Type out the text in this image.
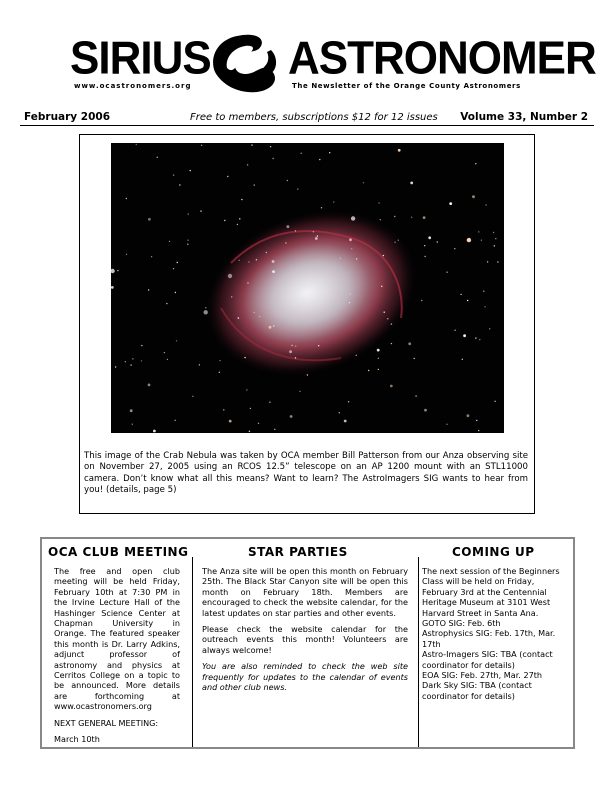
SIRIUS ASTRONOMER
www.ocastronomers.org	The Newsletter of the Orange County Astronomers
February 2006	Free to members, subscriptions $12 for 12 issues Volume 33, Number 2
This image of the Crab Nebula was taken by OCA member Bill Patterson from our Anza observing site on November 27, 2005 using an RCOS 12.5” telescope on an AP 1200 mount with an STL11000 camera. Don’t know what all this means? Want to learn? The AstroImagers SIG wants to hear from you! (details, page 5)
OCA CLUB MEETING

The free and open club meeting will be held Friday, February 10th at 7:30 PM in the Irvine Lecture Hall of the Hashinger Science Center at Chapman University in Orange. The featured speaker this month is Dr. Larry Adkins, adjunct professor of astronomy and physics at Cerritos College on a topic to be announced. More details are forthcoming at www.ocastronomers.org

NEXT GENERAL MEETING:

March 10th

STAR PARTIES

The Anza site will be open this month on February 25th. The Black Star Canyon site will be open this month on February 18th. Members are encouraged to check the website calendar, for the latest updates on star parties and other events.

Please check the website calendar for the outreach events this month! Volunteers are always welcome!

You are also reminded to check the web site frequently for updates to the calendar of events and other club news.

COMING UP
The next session of the Beginners Class will be held on Friday, February 3rd at the Centennial Heritage Museum at 3101 West Harvard Street in Santa Ana.
GOTO SIG: Feb. 6th
Astrophysics SIG: Feb. 17th, Mar. 17th
Astro-Imagers SIG: TBA (contact coordinator for details)
EOA SIG: Feb. 27th, Mar. 27th
Dark Sky SIG: TBA (contact coordinator for details)
